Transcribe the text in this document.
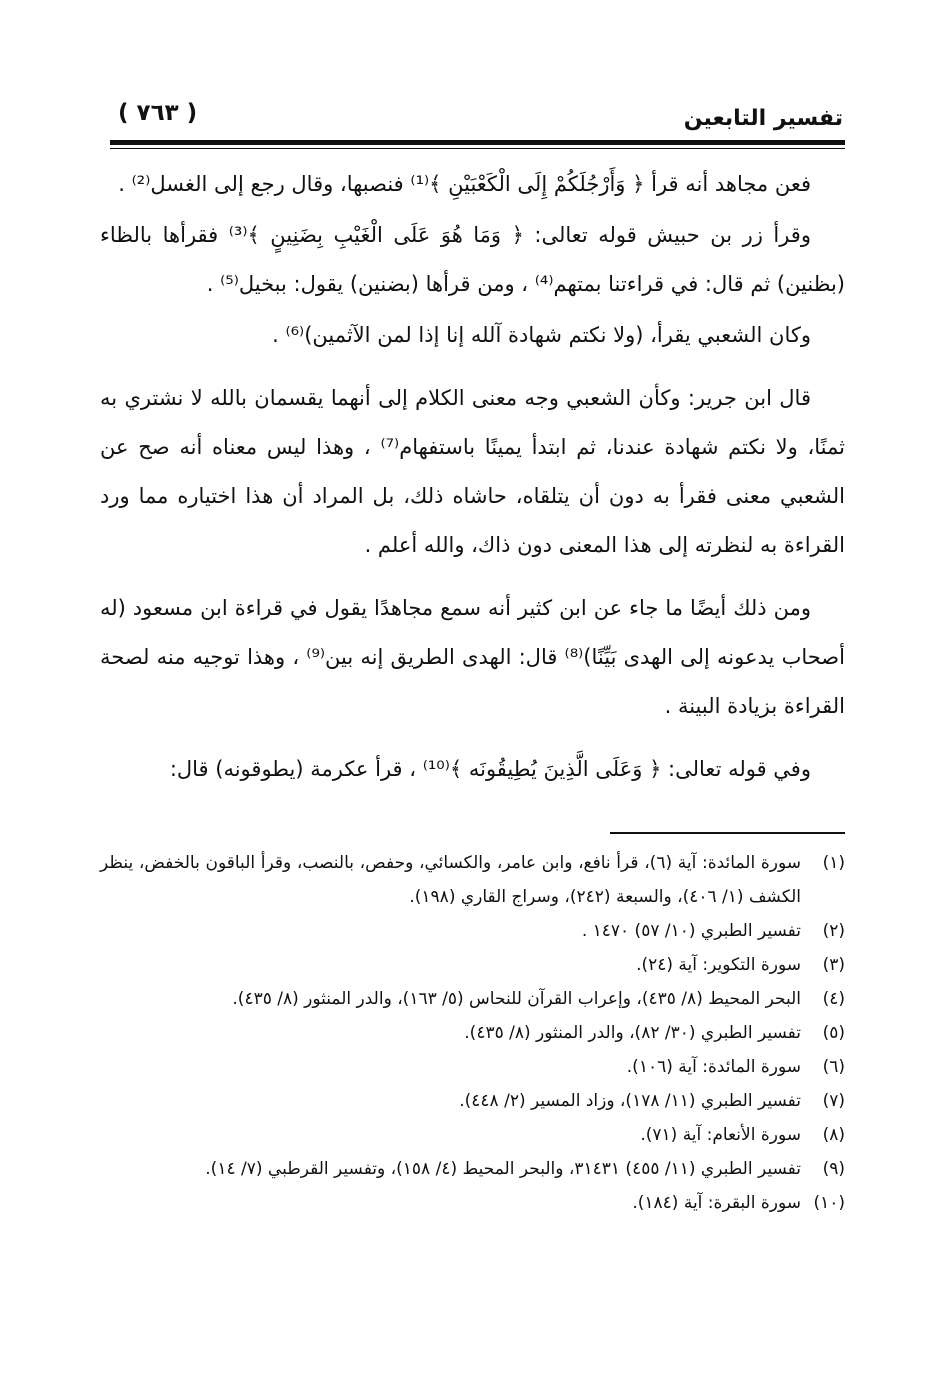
تفسير التابعين
( ٧٦٣ )

فعن مجاهد أنه قرأ ﴿ وَأَرْجُلَكُمْ إِلَى الْكَعْبَيْنِ ﴾⁽¹⁾ فنصبها، وقال رجع إلى الغسل⁽²⁾ .

وقرأ زر بن حبيش قوله تعالى: ﴿ وَمَا هُوَ عَلَى الْغَيْبِ بِضَنِينٍ ﴾⁽³⁾ فقرأها بالظاء (بظنين) ثم قال: في قراءتنا بمتهم⁽⁴⁾ ، ومن قرأها (بضنين) يقول: ببخيل⁽⁵⁾ .

وكان الشعبي يقرأ، (ولا نكتم شهادة آلله إنا إذا لمن الآثمين)⁽⁶⁾ .

قال ابن جرير: وكأن الشعبي وجه معنى الكلام إلى أنهما يقسمان بالله لا نشتري به ثمنًا، ولا نكتم شهادة عندنا، ثم ابتدأ يمينًا باستفهام⁽⁷⁾ ، وهذا ليس معناه أنه صح عن الشعبي معنى فقرأ به دون أن يتلقاه، حاشاه ذلك، بل المراد أن هذا اختياره مما ورد القراءة به لنظرته إلى هذا المعنى دون ذاك، والله أعلم .

ومن ذلك أيضًا ما جاء عن ابن كثير أنه سمع مجاهدًا يقول في قراءة ابن مسعود (له أصحاب يدعونه إلى الهدى بَيِّنًا)⁽⁸⁾ قال: الهدى الطريق إنه بين⁽⁹⁾ ، وهذا توجيه منه لصحة القراءة بزيادة البينة .

وفي قوله تعالى: ﴿ وَعَلَى الَّذِينَ يُطِيقُونَه ﴾⁽¹⁰⁾ ، قرأ عكرمة (يطوقونه) قال:

(١)
سورة المائدة: آية (٦)، قرأ نافع، وابن عامر، والكسائي، وحفص، بالنصب، وقرأ الباقون بالخفض، ينظر الكشف (١/ ٤٠٦)، والسبعة (٢٤٢)، وسراج القاري (١٩٨).
(٢)
تفسير الطبري (١٠/ ٥٧) ١٤٧٠ .
(٣)
سورة التكوير: آية (٢٤).
(٤)
البحر المحيط (٨/ ٤٣٥)، وإعراب القرآن للنحاس (٥/ ١٦٣)، والدر المنثور (٨/ ٤٣٥).
(٥)
تفسير الطبري (٣٠/ ٨٢)، والدر المنثور (٨/ ٤٣٥).
(٦)
سورة المائدة: آية (١٠٦).
(٧)
تفسير الطبري (١١/ ١٧٨)، وزاد المسير (٢/ ٤٤٨).
(٨)
سورة الأنعام: آية (٧١).
(٩)
تفسير الطبري (١١/ ٤٥٥) ٣١٤٣١، والبحر المحيط (٤/ ١٥٨)، وتفسير القرطبي (٧/ ١٤).
(١٠)
سورة البقرة: آية (١٨٤).
